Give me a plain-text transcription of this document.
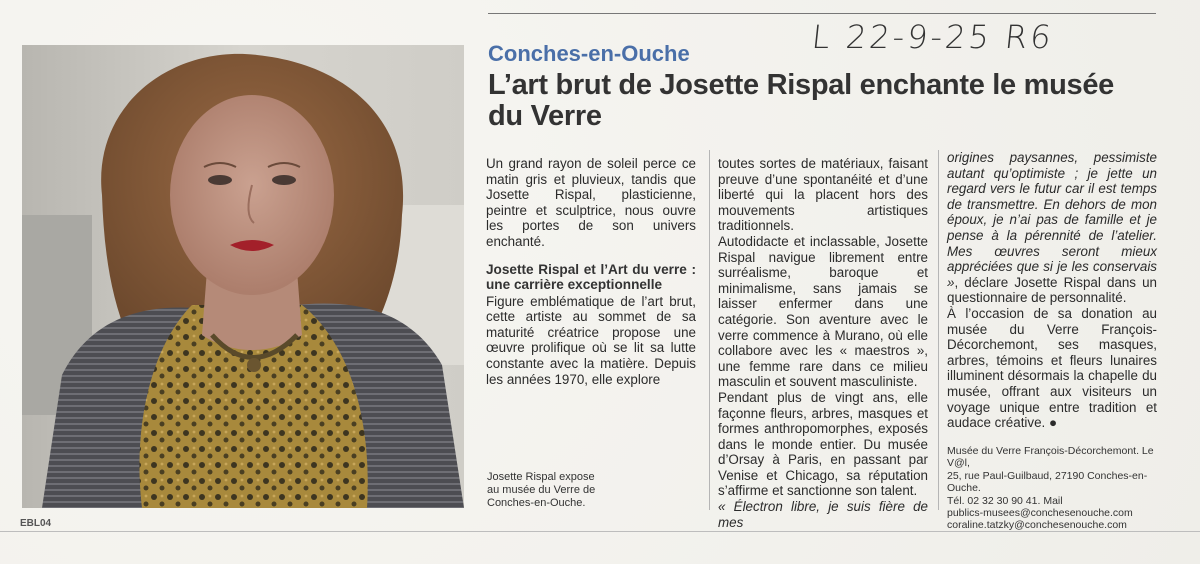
L 22-9-25 R6
Conches-en-Ouche
L’art brut de Josette Rispal enchante le musée du Verre
Josette Rispal expose au musée du Verre de Conches-en-Ouche.

Un grand rayon de soleil perce ce matin gris et pluvieux, tandis que Josette Rispal, plasticienne, peintre et sculptrice, nous ouvre les portes de son univers enchanté.

Josette Rispal et l’Art du verre : une carrière exceptionnelle

Figure emblématique de l’art brut, cette artiste au sommet de sa maturité créatrice propose une œuvre prolifique où se lit sa lutte constante avec la matière. Depuis les années 1970, elle explore

toutes sortes de matériaux, faisant preuve d’une spontanéité et d’une liberté qui la placent hors des mouvements artistiques traditionnels.

Autodidacte et inclassable, Josette Rispal navigue librement entre surréalisme, baroque et minimalisme, sans jamais se laisser enfermer dans une catégorie. Son aventure avec le verre commence à Murano, où elle collabore avec les « maestros », une femme rare dans ce milieu masculin et souvent masculiniste.

Pendant plus de vingt ans, elle façonne fleurs, arbres, masques et formes anthropomorphes, exposés dans le monde entier. Du musée d’Orsay à Paris, en passant par Venise et Chicago, sa réputation s’affirme et sanctionne son talent.

« Électron libre, je suis fière de mes

origines paysannes, pessimiste autant qu’optimiste ; je jette un regard vers le futur car il est temps de transmettre. En dehors de mon époux, je n’ai pas de famille et je pense à la pérennité de l’atelier. Mes œuvres seront mieux appréciées que si je les conservais », déclare Josette Rispal dans un questionnaire de personnalité.

À l’occasion de sa donation au musée du Verre François-Décorchemont, ses masques, arbres, témoins et fleurs lunaires illuminent désormais la chapelle du musée, offrant aux visiteurs un voyage unique entre tradition et audace créative. ●

Musée du Verre François-Décorchemont. Le V@l,

25, rue Paul-Guilbaud, 27190 Conches-en-Ouche.

Tél. 02 32 30 90 41. Mail

publics-musees@conchesenouche.com

coraline.tatzky@conchesenouche.com

EBL04
